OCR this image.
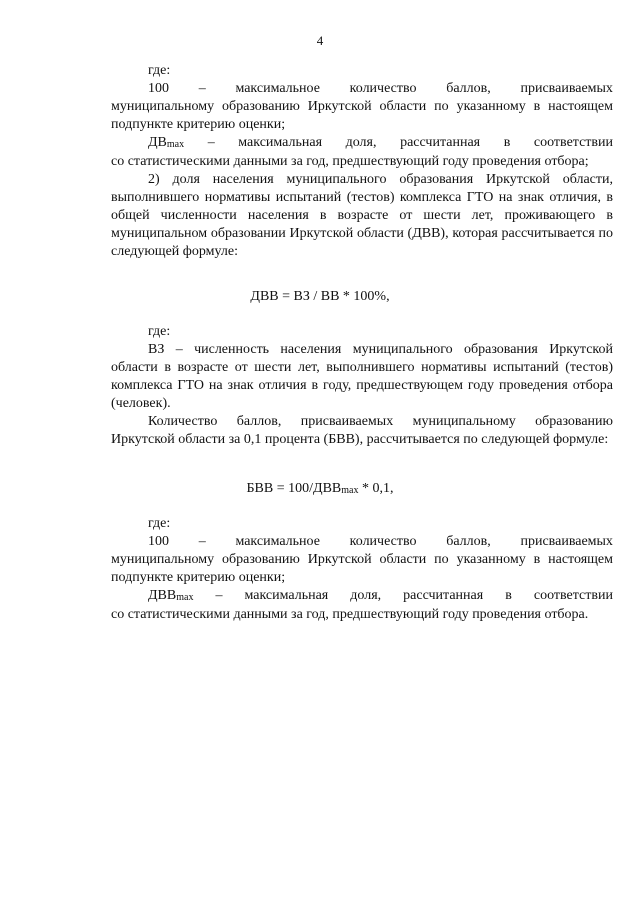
4

где:

100 – максимальное количество баллов, присваиваемых

муниципальному образованию Иркутской области по указанному в настоящем подпункте критерию оценки;

$ДВ_{max}$ – максимальная доля, рассчитанная в соответствии

со статистическими данными за год, предшествующий году проведения отбора;

2) доля населения муниципального образования Иркутской области, выполнившего нормативы испытаний (тестов) комплекса ГТО на знак отличия, в общей численности населения в возрасте от шести лет, проживающего в муниципальном образовании Иркутской области (ДВВ), которая рассчитывается по следующей формуле:

ДВВ = ВЗ / ВВ * 100%,

где:

ВЗ – численность населения муниципального образования Иркутской области в возрасте от шести лет, выполнившего нормативы испытаний (тестов) комплекса ГТО на знак отличия в году, предшествующем году проведения отбора (человек).

Количество баллов, присваиваемых муниципальному образованию Иркутской области за 0,1 процента (БВВ), рассчитывается по следующей формуле:

БВВ = $100/ДВВ_{max} * 0,1$,

где:

100 – максимальное количество баллов, присваиваемых

муниципальному образованию Иркутской области по указанному в настоящем подпункте критерию оценки;

$ДВВ_{max}$ – максимальная доля, рассчитанная в соответствии

со статистическими данными за год, предшествующий году проведения отбора.
